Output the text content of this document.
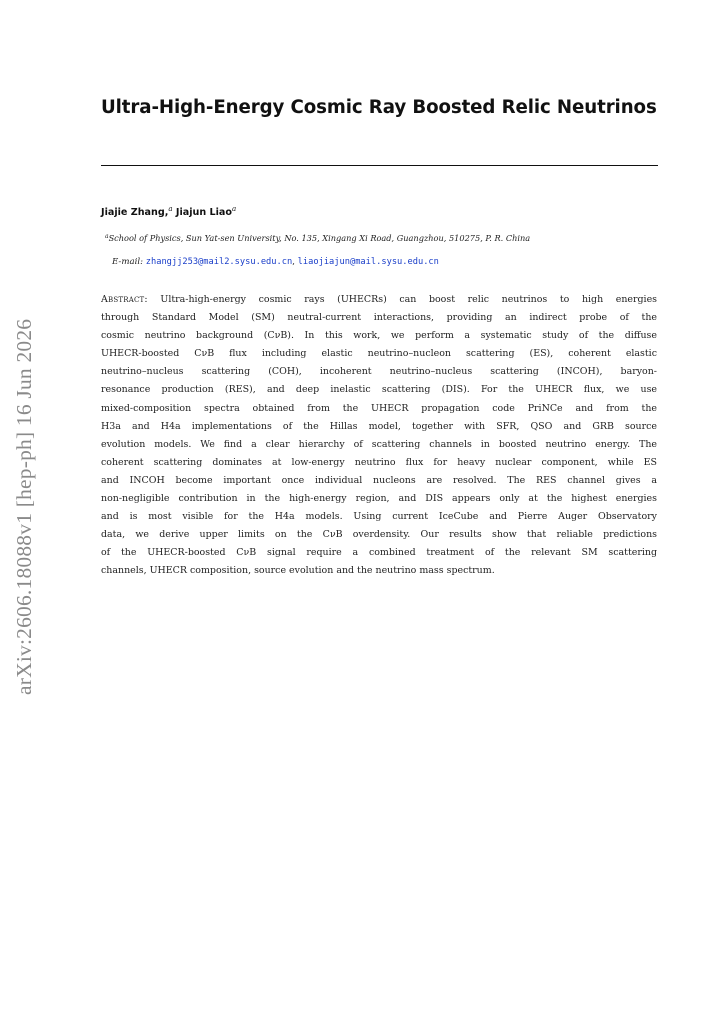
arXiv:2606.18088v1 [hep-ph] 16 Jun 2026
Ultra-High-Energy Cosmic Ray Boosted Relic Neutrinos
Jiajie Zhang,$^a$ Jiajun Liao$^a$
$^a$School of Physics, Sun Yat-sen University, No. 135, Xingang Xi Road, Guangzhou, 510275, P. R. China
E-mail: zhangjj253@mail2.sysu.edu.cn, liaojiajun@mail.sysu.edu.cn
Abstract: Ultra-high-energy cosmic rays (UHECRs) can boost relic neutrinos to high energies
through Standard Model (SM) neutral-current interactions, providing an indirect probe of the
cosmic neutrino background (CνB). In this work, we perform a systematic study of the diffuse
UHECR-boosted CνB flux including elastic neutrino–nucleon scattering (ES), coherent elastic
neutrino–nucleus scattering (COH), incoherent neutrino–nucleus scattering (INCOH), baryon-
resonance production (RES), and deep inelastic scattering (DIS). For the UHECR flux, we use
mixed-composition spectra obtained from the UHECR propagation code PriNCe and from the
H3a and H4a implementations of the Hillas model, together with SFR, QSO and GRB source
evolution models. We find a clear hierarchy of scattering channels in boosted neutrino energy. The
coherent scattering dominates at low-energy neutrino flux for heavy nuclear component, while ES
and INCOH become important once individual nucleons are resolved. The RES channel gives a
non-negligible contribution in the high-energy region, and DIS appears only at the highest energies
and is most visible for the H4a models. Using current IceCube and Pierre Auger Observatory
data, we derive upper limits on the CνB overdensity. Our results show that reliable predictions
of the UHECR-boosted CνB signal require a combined treatment of the relevant SM scattering
channels, UHECR composition, source evolution and the neutrino mass spectrum.
